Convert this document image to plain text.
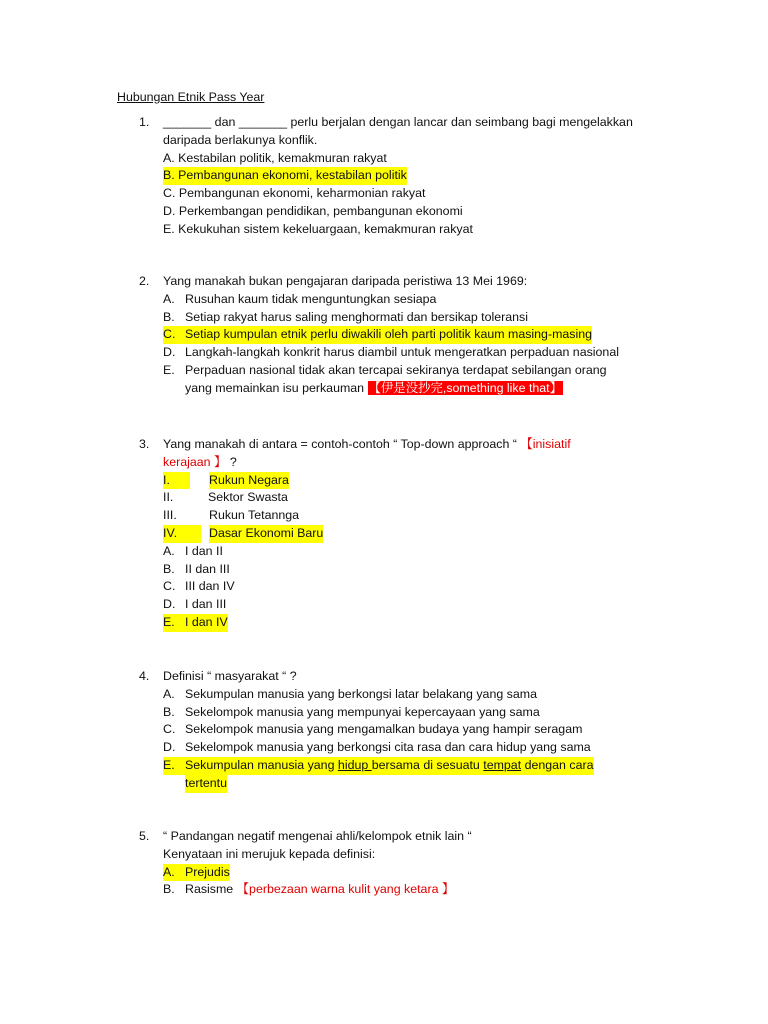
Hubungan Etnik Pass Year
1. _______ dan _______ perlu berjalan dengan lancar dan seimbang bagi mengelakkan
daripada berlakunya konflik.
A. Kestabilan politik, kemakmuran rakyat
B. Pembangunan ekonomi, kestabilan politik
C. Pembangunan ekonomi, keharmonian rakyat
D. Perkembangan pendidikan, pembangunan ekonomi
E. Kekukuhan sistem kekeluargaan, kemakmuran rakyat
2. Yang manakah bukan pengajaran daripada peristiwa 13 Mei 1969:
A. Rusuhan kaum tidak menguntungkan sesiapa
B. Setiap rakyat harus saling menghormati dan bersikap toleransi
C. Setiap kumpulan etnik perlu diwakili oleh parti politik kaum masing-masing
D. Langkah-langkah konkrit harus diambil untuk mengeratkan perpaduan nasional
E. Perpaduan nasional tidak akan tercapai sekiranya terdapat sebilangan orang
yang memainkan isu perkauman 【伊是没抄完,something like that】
3. Yang manakah di antara = contoh-contoh “ Top-down approach “ 【inisiatif
kerajaan 】 ?
I.	Rukun Negara
II.	Sektor Swasta
III.	Rukun Tetannga
IV.	Dasar Ekonomi Baru
A. I dan II
B. II dan III
C. III dan IV
D. I dan III
E. I dan IV
4. Definisi “ masyarakat “ ?
A. Sekumpulan manusia yang berkongsi latar belakang yang sama
B. Sekelompok manusia yang mempunyai kepercayaan yang sama
C. Sekelompok manusia yang mengamalkan budaya yang hampir seragam
D. Sekelompok manusia yang berkongsi cita rasa dan cara hidup yang sama
E. Sekumpulan manusia yang hidup bersama di sesuatu tempat dengan cara
tertentu
5. “ Pandangan negatif mengenai ahli/kelompok etnik lain “
Kenyataan ini merujuk kepada definisi:
A. Prejudis
B. Rasisme 【perbezaan warna kulit yang ketara 】
